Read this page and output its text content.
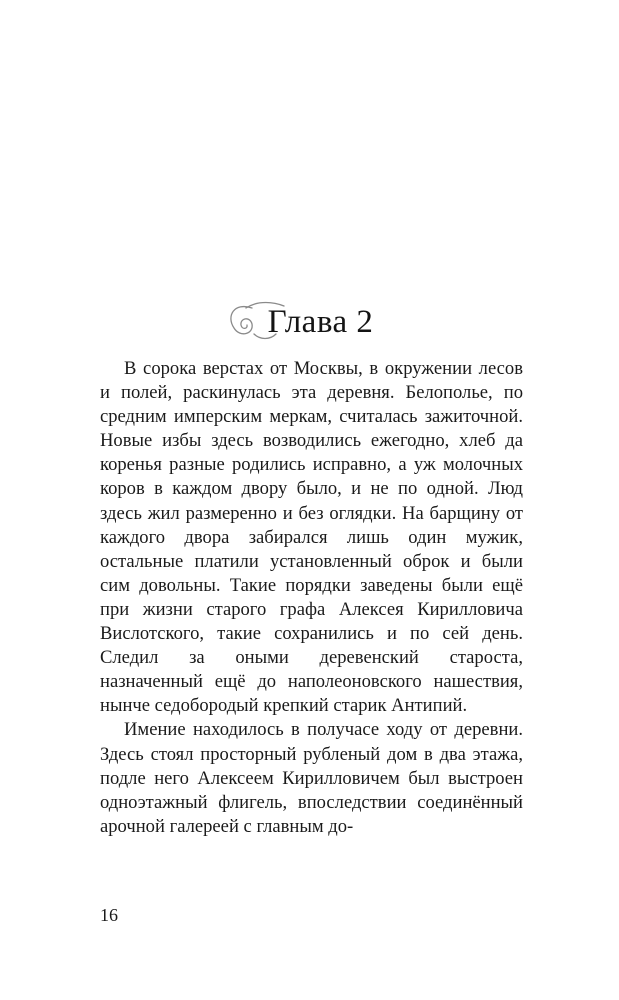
Глава 2

В сорока верстах от Москвы, в окружении лесов и полей, раскинулась эта деревня. Белополье, по средним имперским меркам, считалась зажиточной. Новые избы здесь возводились ежегодно, хлеб да коренья разные родились исправно, а уж молочных коров в каждом двору было, и не по одной. Люд здесь жил размеренно и без оглядки. На барщину от каждого двора забирался лишь один мужик, остальные платили установленный оброк и были сим довольны. Такие порядки заведены были ещё при жизни старого графа Алексея Кирилловича Вислотского, такие сохранились и по сей день. Следил за оными деревенский староста, назначенный ещё до наполеоновского нашествия, нынче седобородый крепкий старик Антипий.

Имение находилось в получасе ходу от деревни. Здесь стоял просторный рубленый дом в два этажа, подле него Алексеем Кирилловичем был выстроен одноэтажный флигель, впоследствии соединённый арочной галереей с главным до-

16
